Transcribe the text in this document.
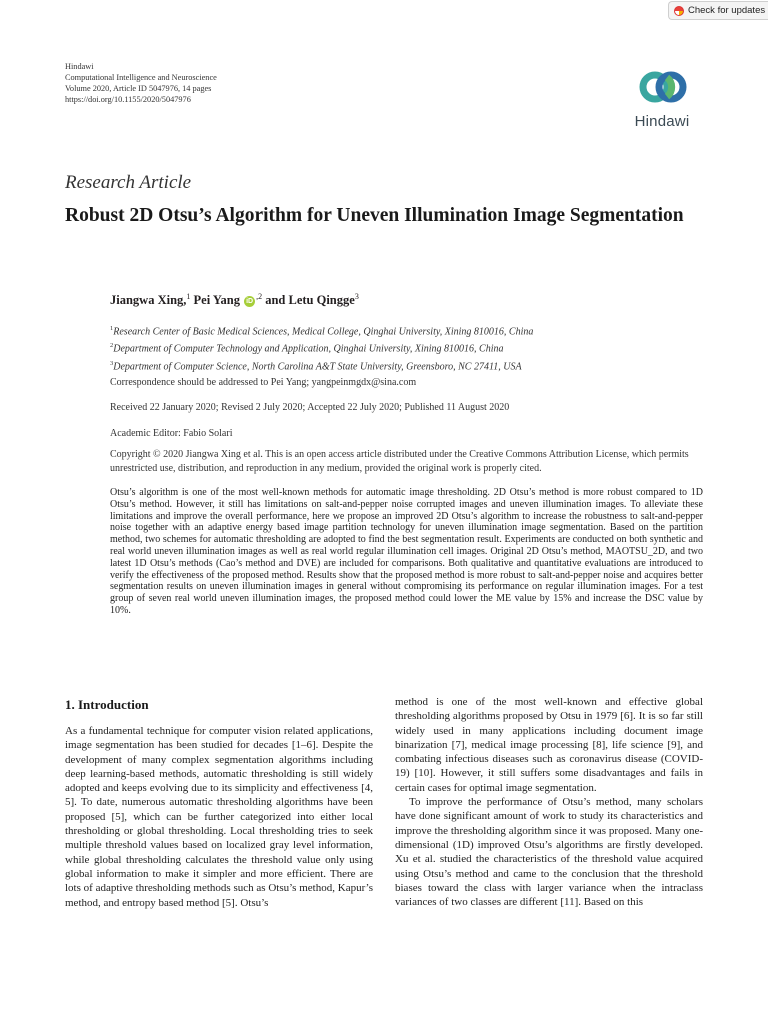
Check for updates
Hindawi
Computational Intelligence and Neuroscience
Volume 2020, Article ID 5047976, 14 pages
https://doi.org/10.1155/2020/5047976
Hindawi
Research Article
Robust 2D Otsu’s Algorithm for Uneven Illumination Image Segmentation
Jiangwa Xing,$^1$ Pei Yang $iD^{,2}$ and Letu Qingge$^3$
$^1$Research Center of Basic Medical Sciences, Medical College, Qinghai University, Xining 810016, China
$^2$Department of Computer Technology and Application, Qinghai University, Xining 810016, China
$^3$Department of Computer Science, North Carolina A&T State University, Greensboro, NC 27411, USA
Correspondence should be addressed to Pei Yang; yangpeinmgdx@sina.com
Received 22 January 2020; Revised 2 July 2020; Accepted 22 July 2020; Published 11 August 2020
Academic Editor: Fabio Solari
Copyright © 2020 Jiangwa Xing et al. This is an open access article distributed under the Creative Commons Attribution License, which permits unrestricted use, distribution, and reproduction in any medium, provided the original work is properly cited.
Otsu’s algorithm is one of the most well-known methods for automatic image thresholding. 2D Otsu’s method is more robust compared to 1D Otsu’s method. However, it still has limitations on salt-and-pepper noise corrupted images and uneven illumination images. To alleviate these limitations and improve the overall performance, here we propose an improved 2D Otsu’s algorithm to increase the robustness to salt-and-pepper noise together with an adaptive energy based image partition technology for uneven illumination image segmentation. Based on the partition method, two schemes for automatic thresholding are adopted to find the best segmentation result. Experiments are conducted on both synthetic and real world uneven illumination images as well as real world regular illumination cell images. Original 2D Otsu’s method, MAOTSU_2D, and two latest 1D Otsu’s methods (Cao’s method and DVE) are included for comparisons. Both qualitative and quantitative evaluations are introduced to verify the effectiveness of the proposed method. Results show that the proposed method is more robust to salt-and-pepper noise and acquires better segmentation results on uneven illumination images in general without compromising its performance on regular illumination images. For a test group of seven real world uneven illumination images, the proposed method could lower the ME value by 15% and increase the DSC value by 10%.
1. Introduction

As a fundamental technique for computer vision related applications, image segmentation has been studied for decades [1–6]. Despite the development of many complex segmentation algorithms including deep learning-based methods, automatic thresholding is still widely adopted and keeps evolving due to its simplicity and effectiveness [4, 5]. To date, numerous automatic thresholding algorithms have been proposed [5], which can be further categorized into either local thresholding or global thresholding. Local thresholding tries to seek multiple threshold values based on localized gray level information, while global thresholding calculates the threshold value only using global information to make it simpler and more efficient. There are lots of adaptive thresholding methods such as Otsu’s method, Kapur’s method, and entropy based method [5]. Otsu’s

method is one of the most well-known and effective global thresholding algorithms proposed by Otsu in 1979 [6]. It is so far still widely used in many applications including document image binarization [7], medical image processing [8], life science [9], and combating infectious diseases such as coronavirus disease (COVID-19) [10]. However, it still suffers some disadvantages and fails in certain cases for optimal image segmentation.

To improve the performance of Otsu’s method, many scholars have done significant amount of work to study its characteristics and improve the thresholding algorithm since it was proposed. Many one-dimensional (1D) improved Otsu’s algorithms are firstly developed. Xu et al. studied the characteristics of the threshold value acquired using Otsu’s method and came to the conclusion that the threshold biases toward the class with larger variance when the intraclass variances of two classes are different [11]. Based on this
